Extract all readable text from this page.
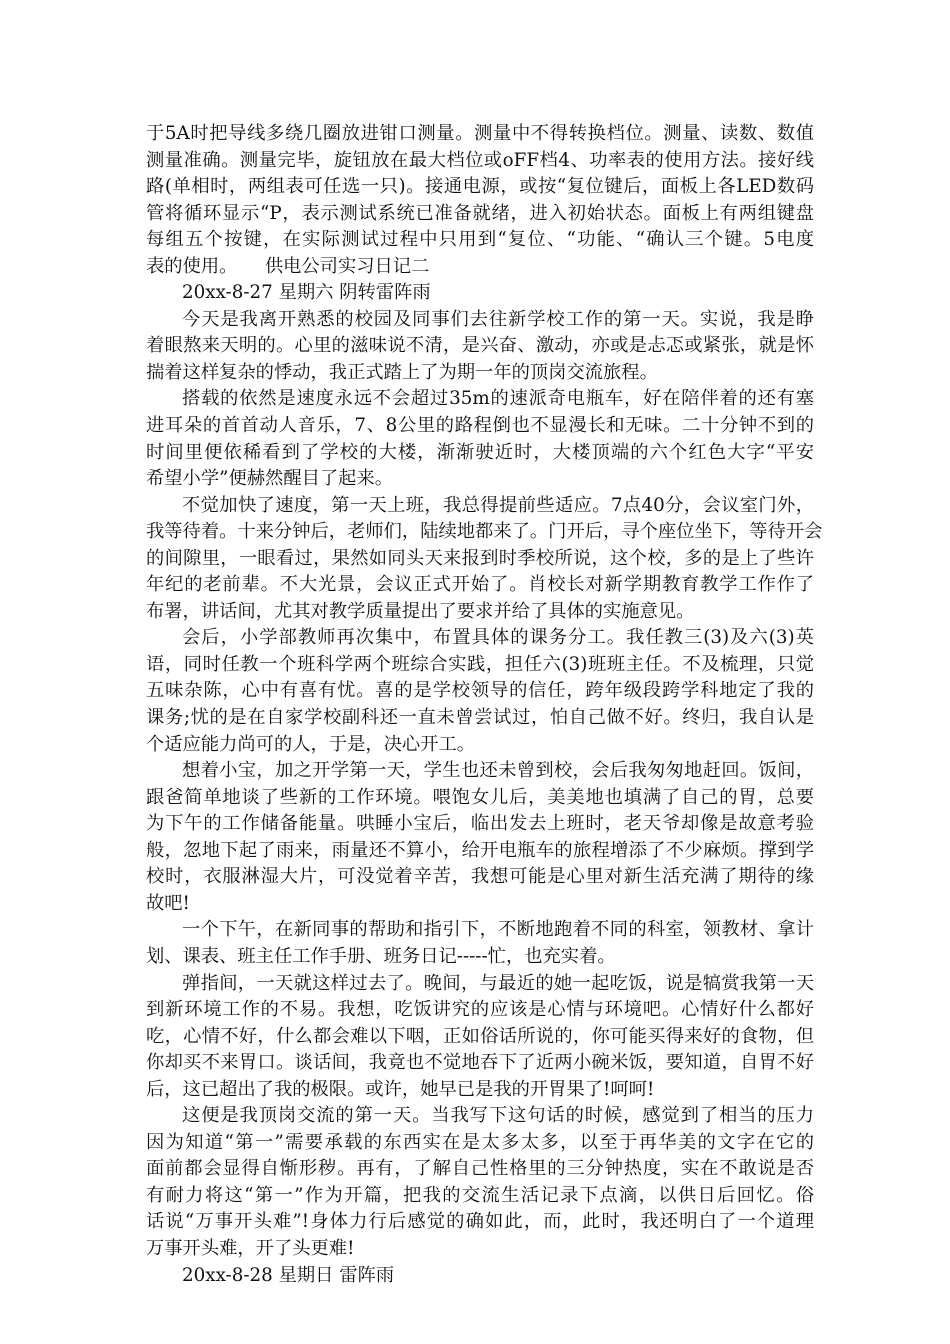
于5A时把导线多绕几圈放进钳口测量。测量中不得转换档位。测量、读数、数值
测量准确。测量完毕，旋钮放在最大档位或oFF档4、功率表的使用方法。接好线
路(单相时，两组表可任选一只)。接通电源，或按“复位键后，面板上各LED数码
管将循环显示“P，表示测试系统已准备就绪，进入初始状态。面板上有两组键盘
每组五个按键，在实际测试过程中只用到“复位、“功能、“确认三个键。5电度
表的使用。　　供电公司实习日记二
20xx-8-27 星期六 阴转雷阵雨
今天是我离开熟悉的校园及同事们去往新学校工作的第一天。实说，我是睁
着眼熬来天明的。心里的滋味说不清，是兴奋、激动，亦或是忐忑或紧张，就是怀
揣着这样复杂的悸动，我正式踏上了为期一年的顶岗交流旅程。
搭载的依然是速度永远不会超过35m的速派奇电瓶车，好在陪伴着的还有塞
进耳朵的首首动人音乐，7、8公里的路程倒也不显漫长和无味。二十分钟不到的
时间里便依稀看到了学校的大楼，渐渐驶近时，大楼顶端的六个红色大字“平安
希望小学”便赫然醒目了起来。
不觉加快了速度，第一天上班，我总得提前些适应。7点40分，会议室门外，
我等待着。十来分钟后，老师们，陆续地都来了。门开后，寻个座位坐下，等待开会
的间隙里，一眼看过，果然如同头天来报到时季校所说，这个校，多的是上了些许
年纪的老前辈。不大光景，会议正式开始了。肖校长对新学期教育教学工作作了
布署，讲话间，尤其对教学质量提出了要求并给了具体的实施意见。
会后，小学部教师再次集中，布置具体的课务分工。我任教三(3)及六(3)英
语，同时任教一个班科学两个班综合实践，担任六(3)班班主任。不及梳理，只觉
五味杂陈，心中有喜有忧。喜的是学校领导的信任，跨年级段跨学科地定了我的
课务;忧的是在自家学校副科还一直未曾尝试过，怕自己做不好。终归，我自认是
个适应能力尚可的人，于是，决心开工。
想着小宝，加之开学第一天，学生也还未曾到校，会后我匆匆地赶回。饭间，
跟爸简单地谈了些新的工作环境。喂饱女儿后，美美地也填满了自己的胃，总要
为下午的工作储备能量。哄睡小宝后，临出发去上班时，老天爷却像是故意考验
般，忽地下起了雨来，雨量还不算小，给开电瓶车的旅程增添了不少麻烦。撑到学
校时，衣服淋湿大片，可没觉着辛苦，我想可能是心里对新生活充满了期待的缘
故吧!
一个下午，在新同事的帮助和指引下，不断地跑着不同的科室，领教材、拿计
划、课表、班主任工作手册、班务日记-----忙，也充实着。
弹指间，一天就这样过去了。晚间，与最近的她一起吃饭，说是犒赏我第一天
到新环境工作的不易。我想，吃饭讲究的应该是心情与环境吧。心情好什么都好
吃，心情不好，什么都会难以下咽，正如俗话所说的，你可能买得来好的食物，但
你却买不来胃口。谈话间，我竟也不觉地吞下了近两小碗米饭，要知道，自胃不好
后，这已超出了我的极限。或许，她早已是我的开胃果了!呵呵!
这便是我顶岗交流的第一天。当我写下这句话的时候，感觉到了相当的压力
因为知道“第一”需要承载的东西实在是太多太多，以至于再华美的文字在它的
面前都会显得自惭形秽。再有，了解自己性格里的三分钟热度，实在不敢说是否
有耐力将这“第一”作为开篇，把我的交流生活记录下点滴，以供日后回忆。俗
话说“万事开头难”!身体力行后感觉的确如此，而，此时，我还明白了一个道理
万事开头难，开了头更难!
20xx-8-28 星期日 雷阵雨
